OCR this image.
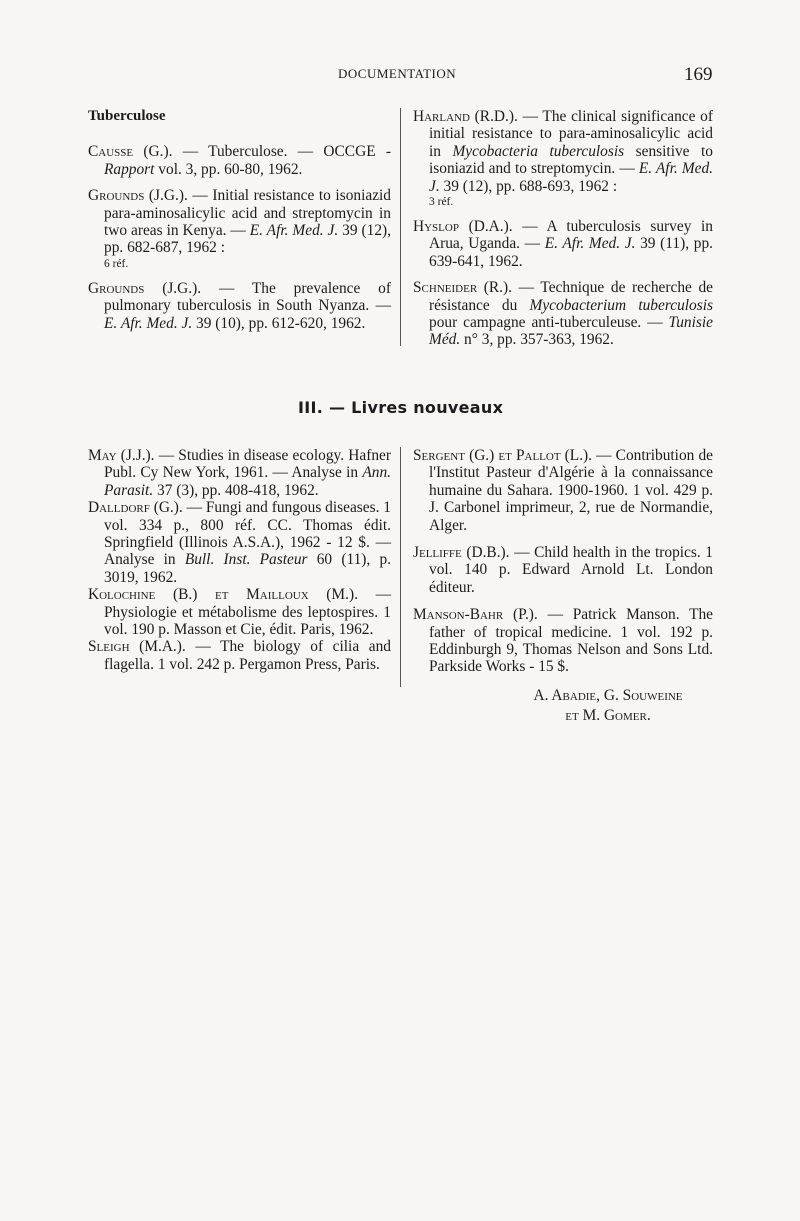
DOCUMENTATION	169
Tuberculose
Causse (G.). — Tuberculose. — OCCGE - Rapport vol. 3, pp. 60-80, 1962.
Grounds (J.G.). — Initial resistance to isoniazid para-aminosalicylic acid and streptomycin in two areas in Kenya. — E. Afr. Med. J. 39 (12), pp. 682-687, 1962 :
6 réf.
Grounds (J.G.). — The prevalence of pulmonary tuberculosis in South Nyanza. — E. Afr. Med. J. 39 (10), pp. 612-620, 1962.
Harland (R.D.). — The clinical significance of initial resistance to para-aminosalicylic acid in Mycobacteria tuberculosis sensitive to isoniazid and to streptomycin. — E. Afr. Med. J. 39 (12), pp. 688-693, 1962 :
3 réf.
Hyslop (D.A.). — A tuberculosis survey in Arua, Uganda. — E. Afr. Med. J. 39 (11), pp. 639-641, 1962.
Schneider (R.). — Technique de recherche de résistance du Mycobacterium tuberculosis pour campagne anti-tuberculeuse. — Tunisie Méd. n° 3, pp. 357-363, 1962.
III. — Livres nouveaux
May (J.J.). — Studies in disease ecology. Hafner Publ. Cy New York, 1961. — Analyse in Ann. Parasit. 37 (3), pp. 408-418, 1962.
Dalldorf (G.). — Fungi and fungous diseases. 1 vol. 334 p., 800 réf. CC. Thomas édit. Springfield (Illinois A.S.A.), 1962 - 12 $. — Analyse in Bull. Inst. Pasteur 60 (11), p. 3019, 1962.
Kolochine (B.) et Mailloux (M.). — Physiologie et métabolisme des leptospires. 1 vol. 190 p. Masson et Cie, édit. Paris, 1962.
Sleigh (M.A.). — The biology of cilia and flagella. 1 vol. 242 p. Pergamon Press, Paris.
Sergent (G.) et Pallot (L.). — Contribution de l'Institut Pasteur d'Algérie à la connaissance humaine du Sahara. 1900-1960. 1 vol. 429 p. J. Carbonel imprimeur, 2, rue de Normandie, Alger.
Jelliffe (D.B.). — Child health in the tropics. 1 vol. 140 p. Edward Arnold Lt. London éditeur.
Manson-Bahr (P.). — Patrick Manson. The father of tropical medicine. 1 vol. 192 p. Eddinburgh 9, Thomas Nelson and Sons Ltd. Parkside Works - 15 $.
A. Abadie, G. Souweine
et M. Gomer.
